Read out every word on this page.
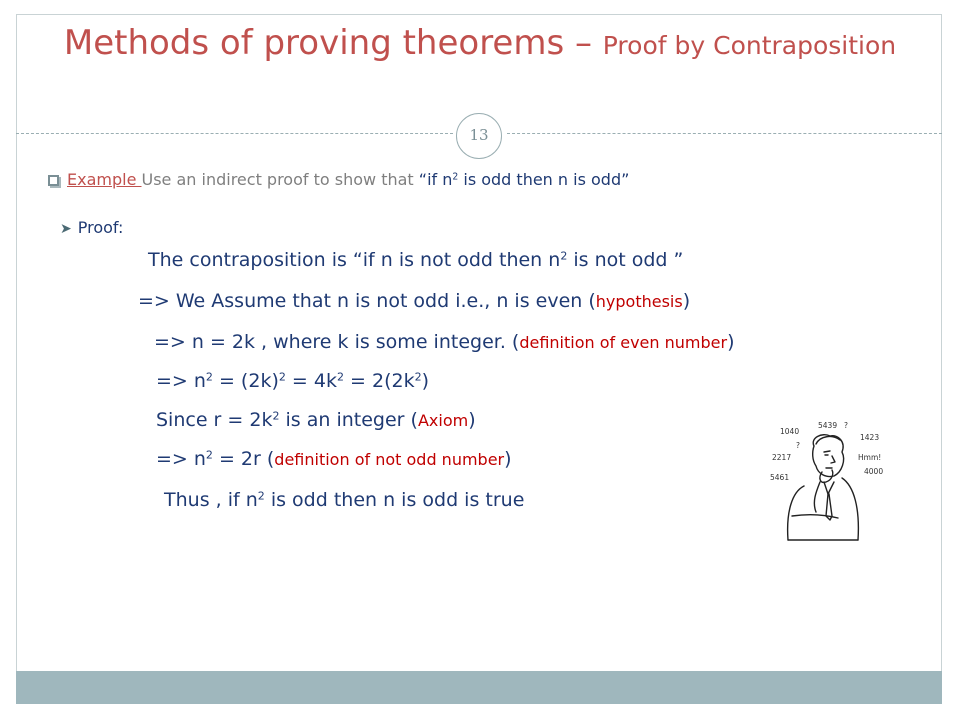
Methods of proving theorems – Proof by Contraposition
13
Example Use an indirect proof to show that “if $n^2$ is odd then n is odd”
➤ Proof:
The contraposition is “if n is not odd then $n^2$ is not odd ”
=> We Assume that n is not odd i.e., n is even (hypothesis)
=> n = 2k , where k is some integer. (definition of even number)
=> $n^2 = (2k)^2 = 4k^2 = 2(2k^2)$
Since $r = 2k^2$ is an integer (Axiom)
=> $n^2 = 2r$ (definition of not odd number)
Thus , if $n^2$ is odd then n is odd is true
1040
5439 ?
1423
2217	Hmm!
5461
4000
?
